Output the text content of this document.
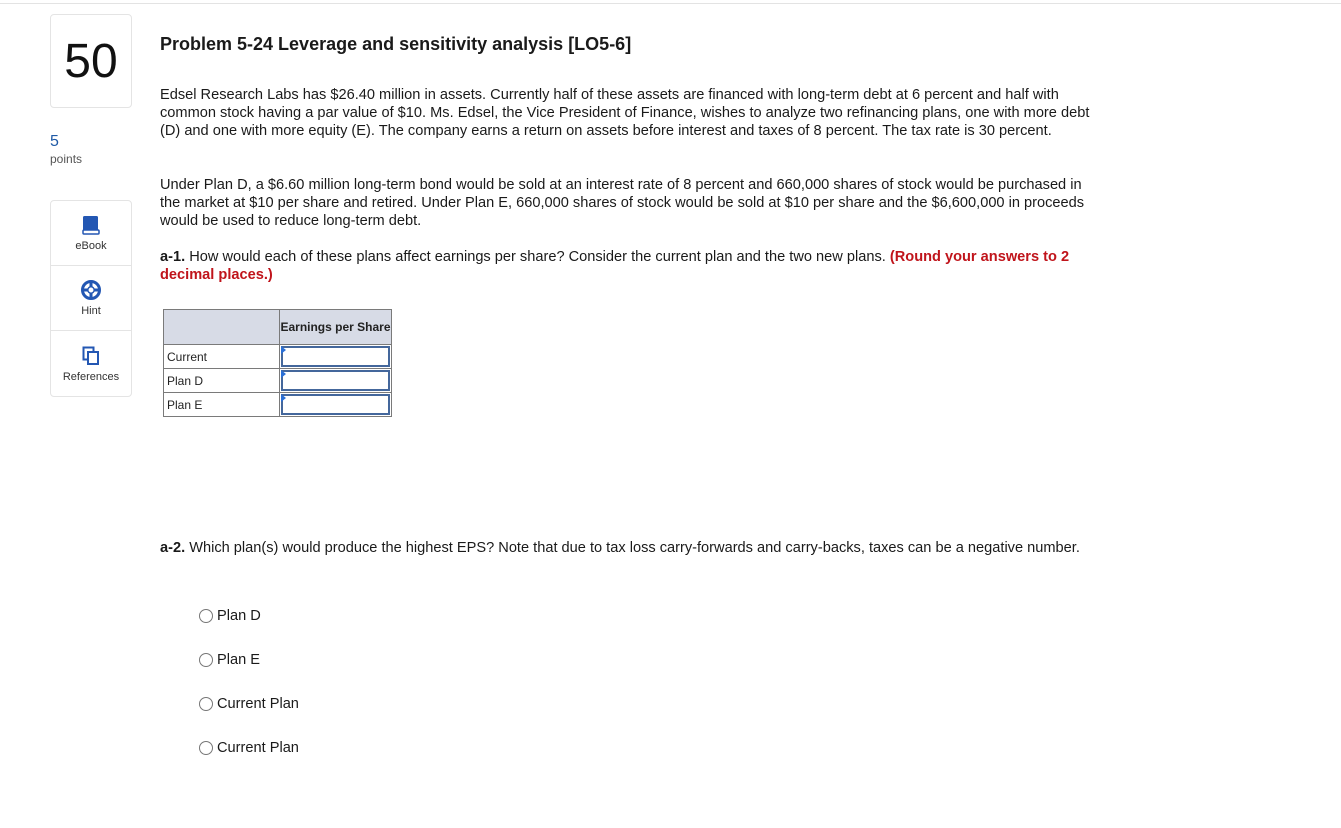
50
5
points
eBook
Hint
References
Problem 5-24 Leverage and sensitivity analysis [LO5-6]
Edsel Research Labs has $26.40 million in assets. Currently half of these assets are financed with long-term debt at 6 percent and half with common stock having a par value of $10. Ms. Edsel, the Vice President of Finance, wishes to analyze two refinancing plans, one with more debt (D) and one with more equity (E). The company earns a return on assets before interest and taxes of 8 percent. The tax rate is 30 percent.
Under Plan D, a $6.60 million long-term bond would be sold at an interest rate of 8 percent and 660,000 shares of stock would be purchased in the market at $10 per share and retired. Under Plan E, 660,000 shares of stock would be sold at $10 per share and the $6,600,000 in proceeds would be used to reduce long-term debt.
a-1. How would each of these plans affect earnings per share? Consider the current plan and the two new plans. (Round your answers to 2 decimal places.)
	Earnings per Share
Current	

Plan D	

Plan E	
a-2. Which plan(s) would produce the highest EPS? Note that due to tax loss carry-forwards and carry-backs, taxes can be a negative number.
Plan D
Plan E
Current Plan
Current Plan
